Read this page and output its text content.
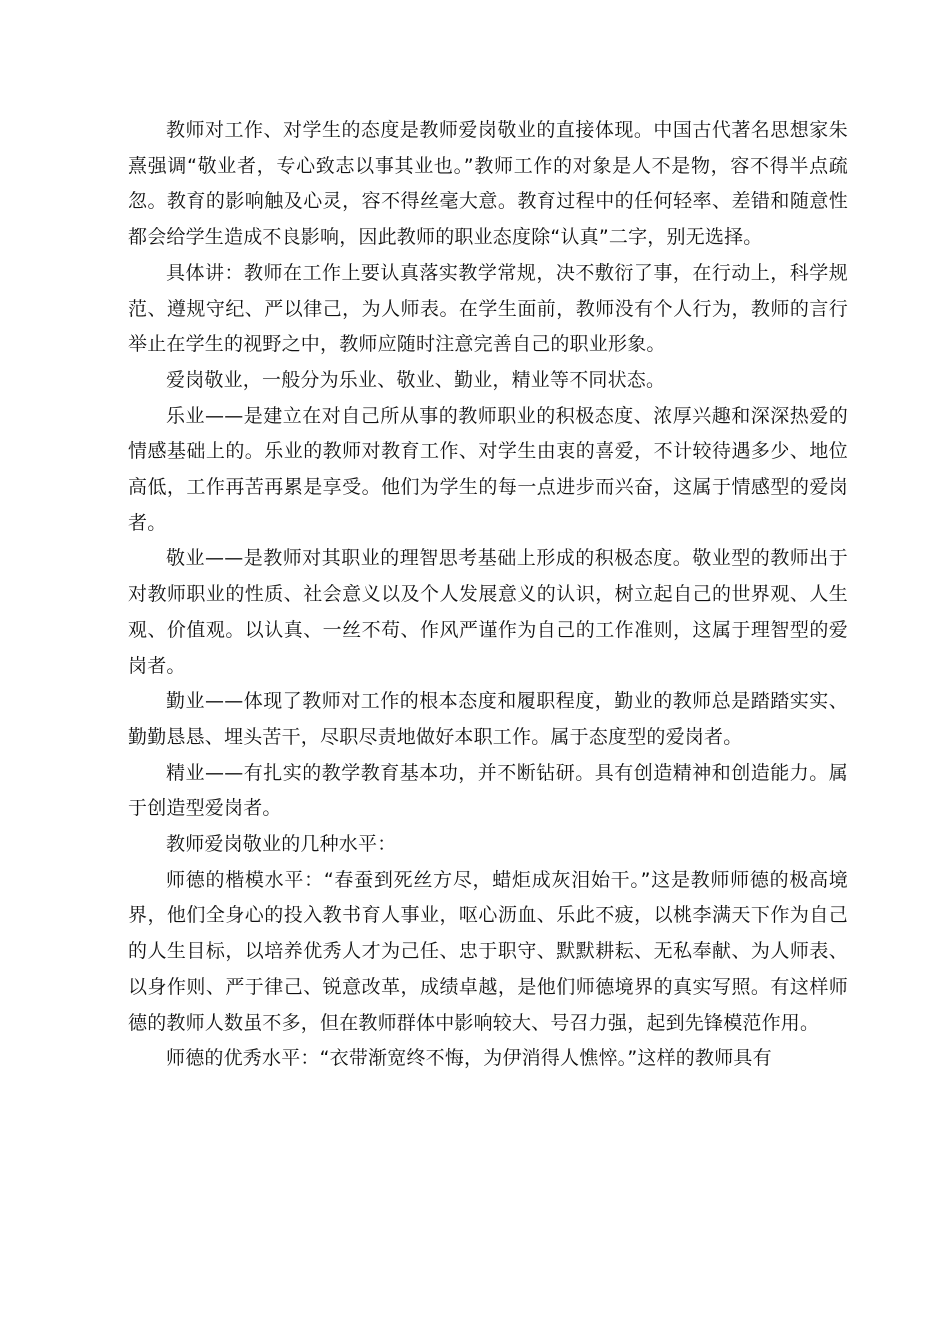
教师对工作、对学生的态度是教师爱岗敬业的直接体现。中国古代著名思想家朱熹强调“敬业者，专心致志以事其业也。”教师工作的对象是人不是物，容不得半点疏忽。教育的影响触及心灵，容不得丝毫大意。教育过程中的任何轻率、差错和随意性都会给学生造成不良影响，因此教师的职业态度除“认真”二字，别无选择。

具体讲：教师在工作上要认真落实教学常规，决不敷衍了事，在行动上，科学规范、遵规守纪、严以律己，为人师表。在学生面前，教师没有个人行为，教师的言行举止在学生的视野之中，教师应随时注意完善自己的职业形象。

爱岗敬业，一般分为乐业、敬业、勤业，精业等不同状态。

乐业——是建立在对自己所从事的教师职业的积极态度、浓厚兴趣和深深热爱的情感基础上的。乐业的教师对教育工作、对学生由衷的喜爱，不计较待遇多少、地位高低，工作再苦再累是享受。他们为学生的每一点进步而兴奋，这属于情感型的爱岗者。

敬业——是教师对其职业的理智思考基础上形成的积极态度。敬业型的教师出于对教师职业的性质、社会意义以及个人发展意义的认识，树立起自己的世界观、人生观、价值观。以认真、一丝不苟、作风严谨作为自己的工作准则，这属于理智型的爱岗者。

勤业——体现了教师对工作的根本态度和履职程度，勤业的教师总是踏踏实实、勤勤恳恳、埋头苦干，尽职尽责地做好本职工作。属于态度型的爱岗者。

精业——有扎实的教学教育基本功，并不断钻研。具有创造精神和创造能力。属于创造型爱岗者。

教师爱岗敬业的几种水平：

师德的楷模水平：“春蚕到死丝方尽，蜡炬成灰泪始干。”这是教师师德的极高境界，他们全身心的投入教书育人事业，呕心沥血、乐此不疲，以桃李满天下作为自己的人生目标，以培养优秀人才为己任、忠于职守、默默耕耘、无私奉献、为人师表、以身作则、严于律己、锐意改革，成绩卓越，是他们师德境界的真实写照。有这样师德的教师人数虽不多，但在教师群体中影响较大、号召力强，起到先锋模范作用。

师德的优秀水平：“衣带渐宽终不悔，为伊消得人憔悴。”这样的教师具有
